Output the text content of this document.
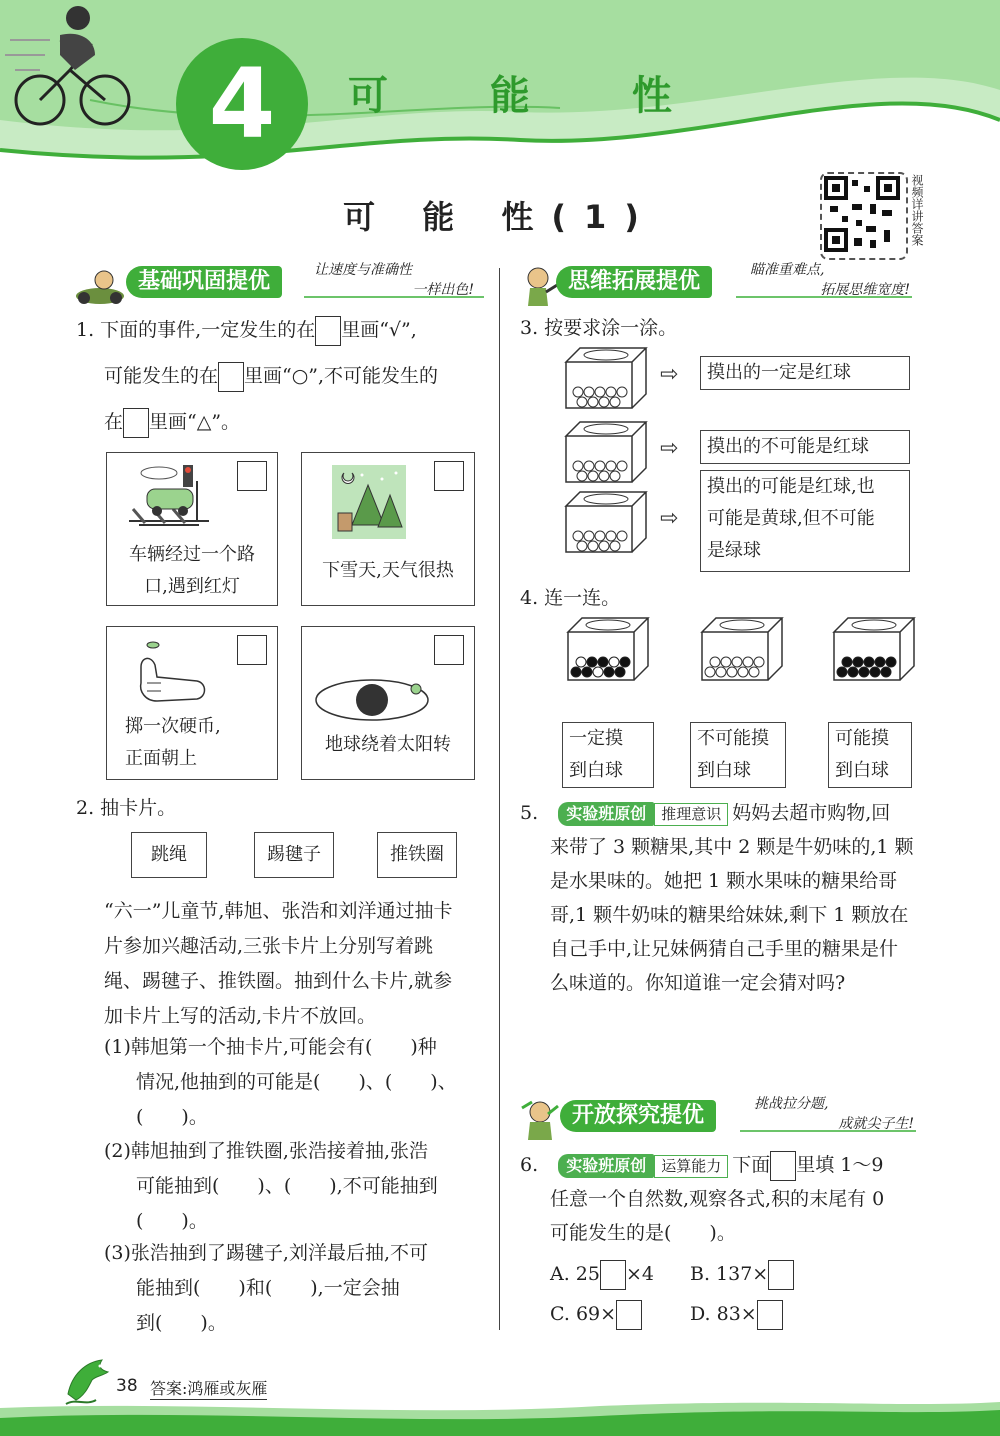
4	可 能 性
视频详讲答案
可 能 性(1)
基础巩固提优	让速度与准确性
一样出色!	思维拓展提优	瞄准重难点,
拓展思维宽度!
1. 下面的事件,一定发生的在 里画“√”,
可能发生的在 里画“○”,不可能发生的
在 里画“△”。
车辆经过一个路
口,遇到红灯
下雪天,天气很热
掷一次硬币,
正面朝上
地球绕着太阳转
2. 抽卡片。
跳绳	踢毽子	推铁圈
“六一”儿童节,韩旭、张浩和刘洋通过抽卡
片参加兴趣活动,三张卡片上分别写着跳
绳、踢毽子、推铁圈。抽到什么卡片,就参
加卡片上写的活动,卡片不放回。
(1)韩旭第一个抽卡片,可能会有(　　)种
情况,他抽到的可能是(　　)、(　　)、
(　　)。
(2)韩旭抽到了推铁圈,张浩接着抽,张浩
可能抽到(　　)、(　　),不可能抽到
(　　)。
(3)张浩抽到了踢毽子,刘洋最后抽,不可
能抽到(　　)和(　　),一定会抽
到(　　)。
3. 按要求涂一涂。
⇨	摸出的一定是红球
⇨	摸出的不可能是红球
⇨
摸出的可能是红球,也
可能是黄球,但不可能
是绿球
4. 连一连。
一定摸
到白球
不可能摸
到白球
可能摸
到白球
5. 实验班原创 推理意识 妈妈去超市购物,回
来带了 3 颗糖果,其中 2 颗是牛奶味的,1 颗
是水果味的。她把 1 颗水果味的糖果给哥
哥,1 颗牛奶味的糖果给妹妹,剩下 1 颗放在
自己手中,让兄妹俩猜自己手里的糖果是什
么味道的。你知道谁一定会猜对吗?
开放探究提优	挑战拉分题,
成就尖子生!
6. 实验班原创 运算能力 下面 里填 1～9
任意一个自然数,观察各式,积的末尾有 0
可能发生的是(　　)。
A. 25 ×4 B. 137×
C. 69×	D. 83×
38 答案:鸿雁或灰雁
